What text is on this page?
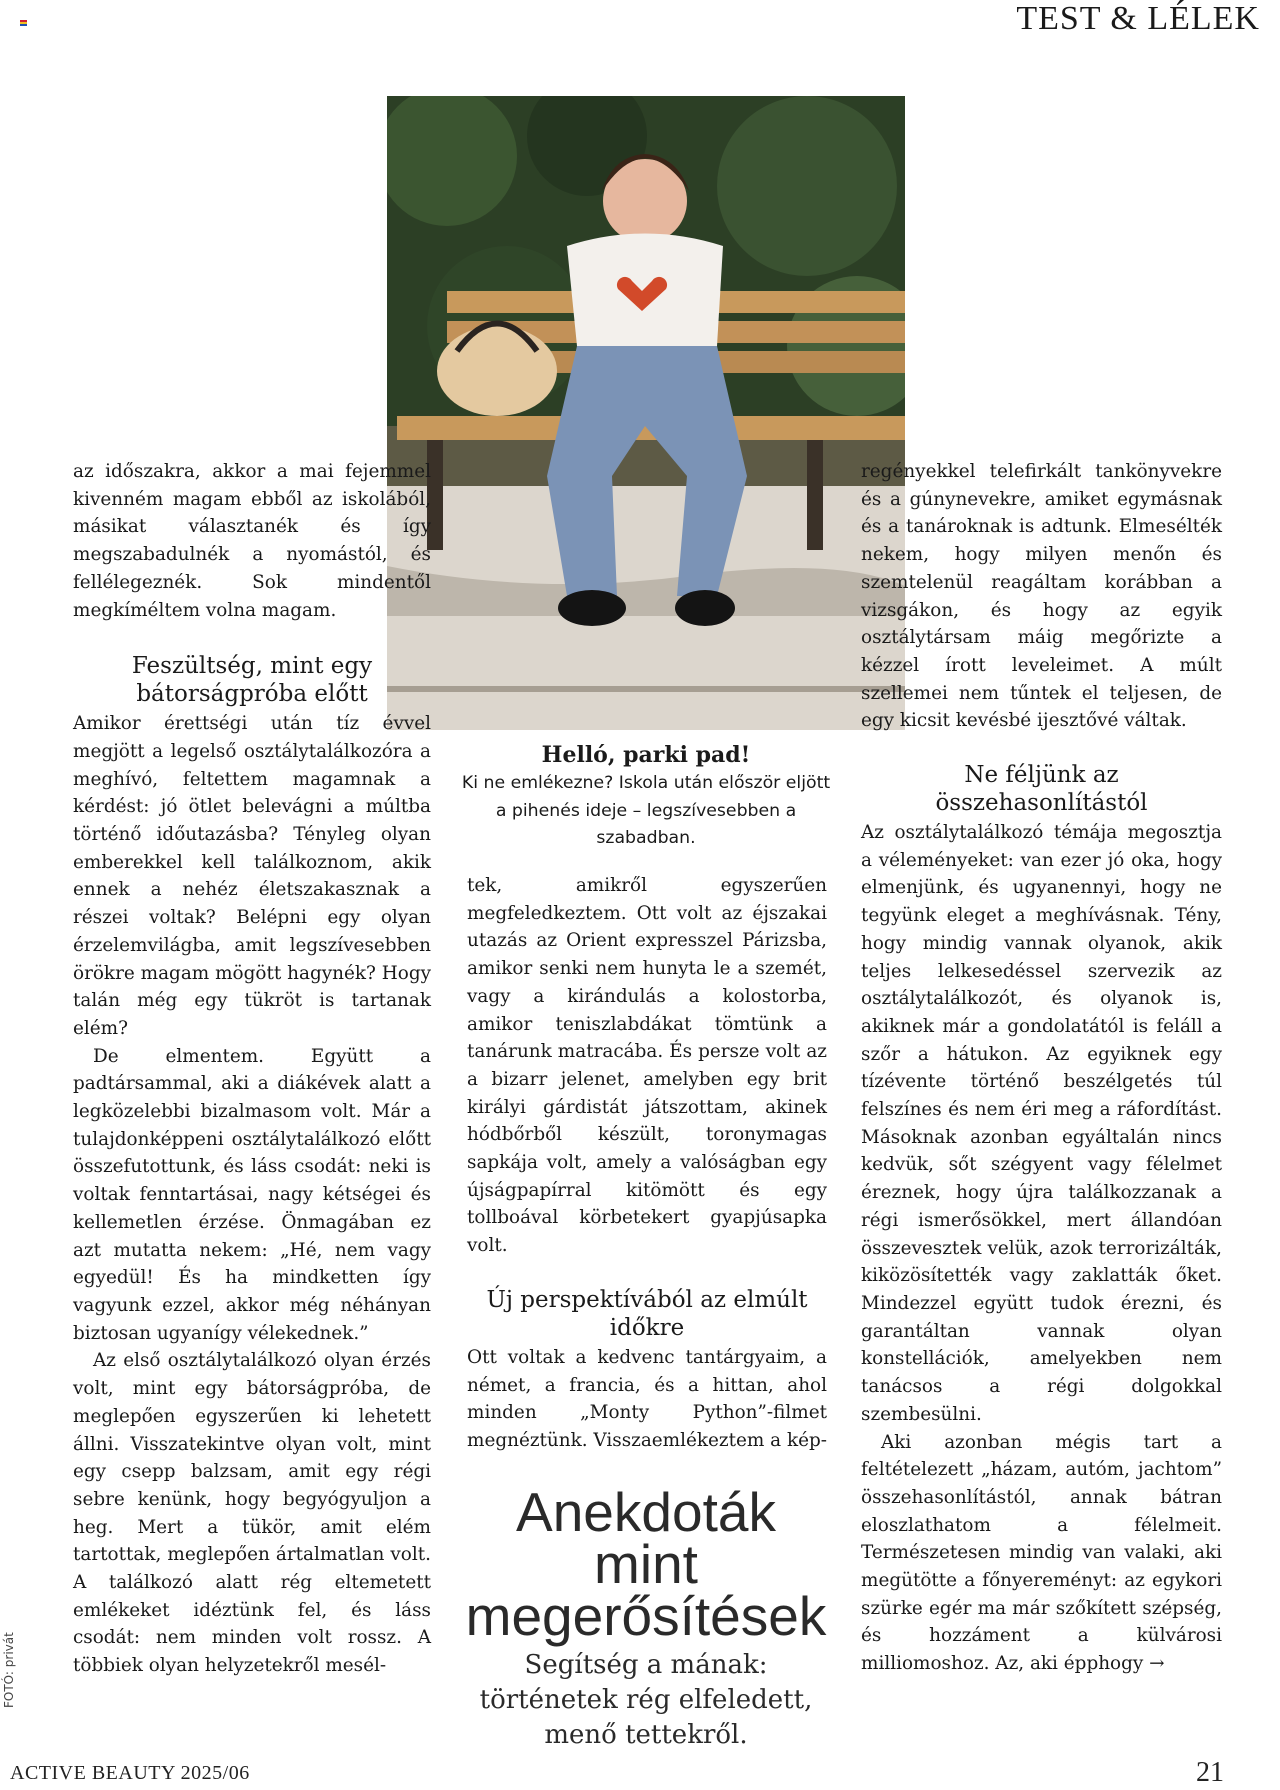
TEST & LÉLEK

az időszakra, akkor a mai fejemmel kivenném magam ebből az iskolából, másikat választanék és így megszabadulnék a nyomástól, és fellélegeznék. Sok mindentől megkíméltem volna magam.

Feszültség, mint egy bátorságpróba előtt

Amikor érettségi után tíz évvel megjött a legelső osztálytalálkozóra a meghívó, feltettem magamnak a kérdést: jó ötlet belevágni a múltba történő időutazásba? Tényleg olyan emberekkel kell találkoznom, akik ennek a nehéz életszakasznak a részei voltak? Belépni egy olyan érzelemvilágba, amit legszívesebben örökre magam mögött hagynék? Hogy talán még egy tükröt is tartanak elém?

De elmentem. Együtt a padtársammal, aki a diákévek alatt a legközelebbi bizalmasom volt. Már a tulajdonképpeni osztálytalálkozó előtt összefutottunk, és láss csodát: neki is voltak fenntartásai, nagy kétségei és kellemetlen érzése. Önmagában ez azt mutatta nekem: „Hé, nem vagy egyedül! És ha mindketten így vagyunk ezzel, akkor még néhányan biztosan ugyanígy vélekednek.”

Az első osztálytalálkozó olyan érzés volt, mint egy bátorságpróba, de meglepően egyszerűen ki lehetett állni. Visszatekintve olyan volt, mint egy csepp balzsam, amit egy régi sebre kenünk, hogy begyógyuljon a heg. Mert a tükör, amit elém tartottak, meglepően ártalmatlan volt. A találkozó alatt rég eltemetett emlékeket idéztünk fel, és láss csodát: nem minden volt rossz. A többiek olyan helyzetekről mesél-

Helló, parki pad!
Ki ne emlékezne? Iskola után először eljött a pihenés ideje – legszívesebben a szabadban.

tek, amikről egyszerűen megfeledkeztem. Ott volt az éjszakai utazás az Orient expresszel Párizsba, amikor senki nem hunyta le a szemét, vagy a kirándulás a kolostorba, amikor teniszlabdákat tömtünk a tanárunk matracába. És persze volt az a bizarr jelenet, amelyben egy brit királyi gárdistát játszottam, akinek hódbőrből készült, toronymagas sapkája volt, amely a valóságban egy újságpapírral kitömött és egy tollboával körbetekert gyapjúsapka volt.

Új perspektívából az elmúlt időkre

Ott voltak a kedvenc tantárgyaim, a német, a francia, és a hittan, ahol minden „Monty Python”-filmet megnéztünk. Visszaemlékeztem a kép-

Anekdoták mint megerősítések
Segítség a mának: történetek rég elfeledett, menő tettekről.

regényekkel telefirkált tankönyvekre és a gúnynevekre, amiket egymásnak és a tanároknak is adtunk. Elmesélték nekem, hogy milyen menőn és szemtelenül reagáltam korábban a vizsgákon, és hogy az egyik osztálytársam máig megőrizte a kézzel írott leveleimet. A múlt szellemei nem tűntek el teljesen, de egy kicsit kevésbé ijesztővé váltak.

Ne féljünk az összehasonlítástól

Az osztálytalálkozó témája megosztja a véleményeket: van ezer jó oka, hogy elmenjünk, és ugyanennyi, hogy ne tegyünk eleget a meghívásnak. Tény, hogy mindig vannak olyanok, akik teljes lelkesedéssel szervezik az osztálytalálkozót, és olyanok is, akiknek már a gondolatától is feláll a szőr a hátukon. Az egyiknek egy tízévente történő beszélgetés túl felszínes és nem éri meg a ráfordítást. Másoknak azonban egyáltalán nincs kedvük, sőt szégyent vagy félelmet éreznek, hogy újra találkozzanak a régi ismerősökkel, mert állandóan összevesztek velük, azok terrorizálták, kiközösítették vagy zaklatták őket. Mindezzel együtt tudok érezni, és garantáltan vannak olyan konstellációk, amelyekben nem tanácsos a régi dolgokkal szembesülni.

Aki azonban mégis tart a feltételezett „házam, autóm, jachtom” összehasonlítástól, annak bátran eloszlathatom a félelmeit. Természetesen mindig van valaki, aki megütötte a főnyereményt: az egykori szürke egér ma már szőkített szépség, és hozzáment a külvárosi milliomoshoz. Az, aki épphogy →

FOTÓ: privát
ACTIVE BEAUTY 2025/06	21
